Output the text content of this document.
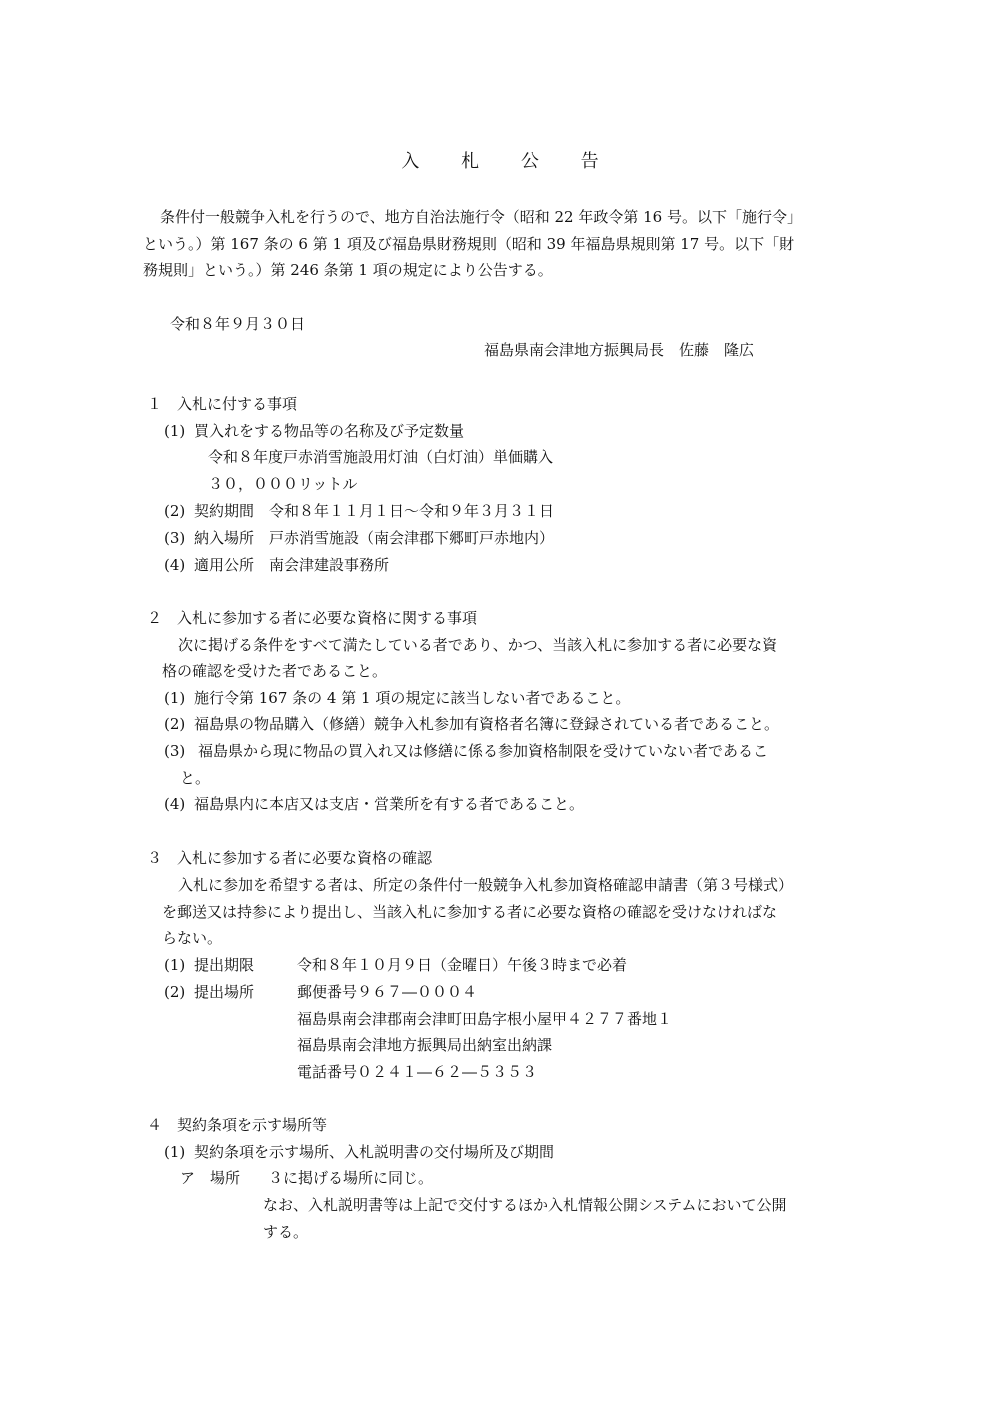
入 札 公 告
条件付一般競争入札を行うので、地方自治法施行令（昭和 22 年政令第 16 号。以下「施行令」
という。）第 167 条の 6 第 1 項及び福島県財務規則（昭和 39 年福島県規則第 17 号。以下「財
務規則」という。）第 246 条第 1 項の規定により公告する。
令和８年９月３０日
福島県南会津地方振興局長　佐藤　隆広
１　入札に付する事項
(1) 買入れをする物品等の名称及び予定数量
令和８年度戸赤消雪施設用灯油（白灯油）単価購入
３０，０００リットル
(2) 契約期間　令和８年１１月１日～令和９年３月３１日
(3) 納入場所　戸赤消雪施設（南会津郡下郷町戸赤地内）
(4) 適用公所　南会津建設事務所
２　入札に参加する者に必要な資格に関する事項
次に掲げる条件をすべて満たしている者であり、かつ、当該入札に参加する者に必要な資
格の確認を受けた者であること。
(1) 施行令第 167 条の 4 第 1 項の規定に該当しない者であること。
(2) 福島県の物品購入（修繕）競争入札参加有資格者名簿に登録されている者であること。
(3) 福島県から現に物品の買入れ又は修繕に係る参加資格制限を受けていない者であるこ
と。
(4) 福島県内に本店又は支店・営業所を有する者であること。
３　入札に参加する者に必要な資格の確認
入札に参加を希望する者は、所定の条件付一般競争入札参加資格確認申請書（第３号様式）
を郵送又は持参により提出し、当該入札に参加する者に必要な資格の確認を受けなければな
らない。
(1) 提出期限	令和８年１０月９日（金曜日）午後３時まで必着
(2) 提出場所	郵便番号９６７―０００４
福島県南会津郡南会津町田島字根小屋甲４２７７番地１
福島県南会津地方振興局出納室出納課
電話番号０２４１―６２―５３５３
４　契約条項を示す場所等
(1) 契約条項を示す場所、入札説明書の交付場所及び期間
ア　場所 ３に掲げる場所に同じ。
なお、入札説明書等は上記で交付するほか入札情報公開システムにおいて公開
する。
